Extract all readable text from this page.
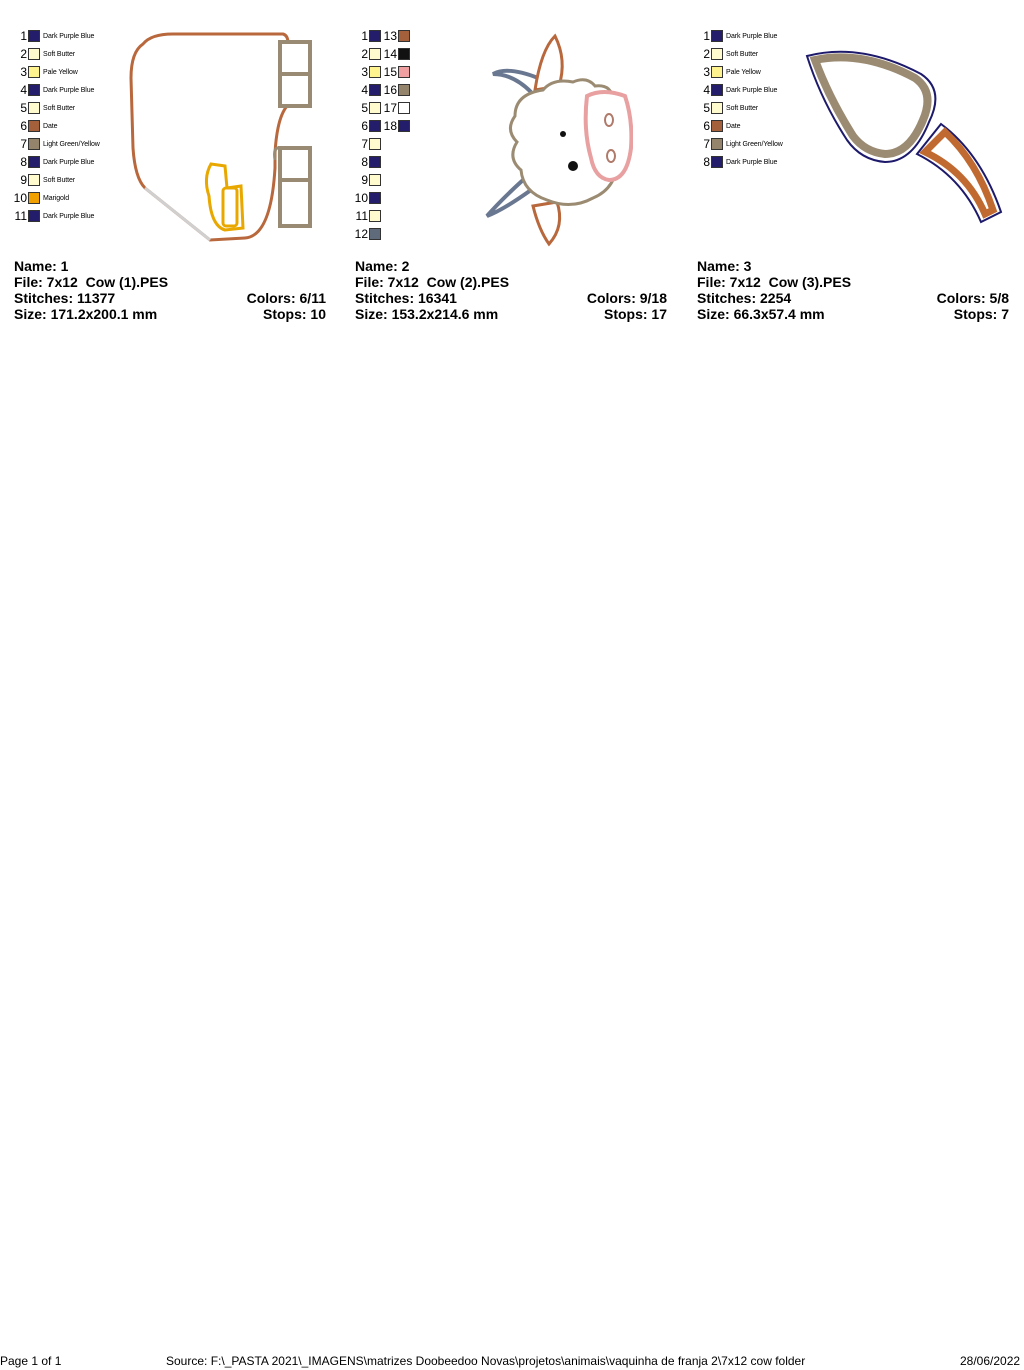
1 Dark Purple Blue
2 Soft Butter
3 Pale Yellow
4 Dark Purple Blue
5 Soft Butter
6 Date
7 Light Green/Yellow
8 Dark Purple Blue
9 Soft Butter
10 Marigold
11 Dark Purple Blue
Name: 1
File: 7x12  Cow (1).PES
Stitches: 11377	Colors: 6/11
Size: 171.2x200.1 mm	Stops: 10
1 13
2 14
3 15
4 16
5 17
6 18
7
8
9
10
11
12
Name: 2
File: 7x12  Cow (2).PES
Stitches: 16341	Colors: 9/18
Size: 153.2x214.6 mm	Stops: 17
1 Dark Purple Blue
2 Soft Butter
3 Pale Yellow
4 Dark Purple Blue
5 Soft Butter
6 Date
7 Light Green/Yellow
8 Dark Purple Blue
Name: 3
File: 7x12  Cow (3).PES
Stitches: 2254	Colors: 5/8
Size: 66.3x57.4 mm	Stops: 7
Page 1 of 1	Source: F:\_PASTA 2021\_IMAGENS\matrizes Doobeedoo Novas\projetos\animais\vaquinha de franja 2\7x12 cow folder	28/06/2022
